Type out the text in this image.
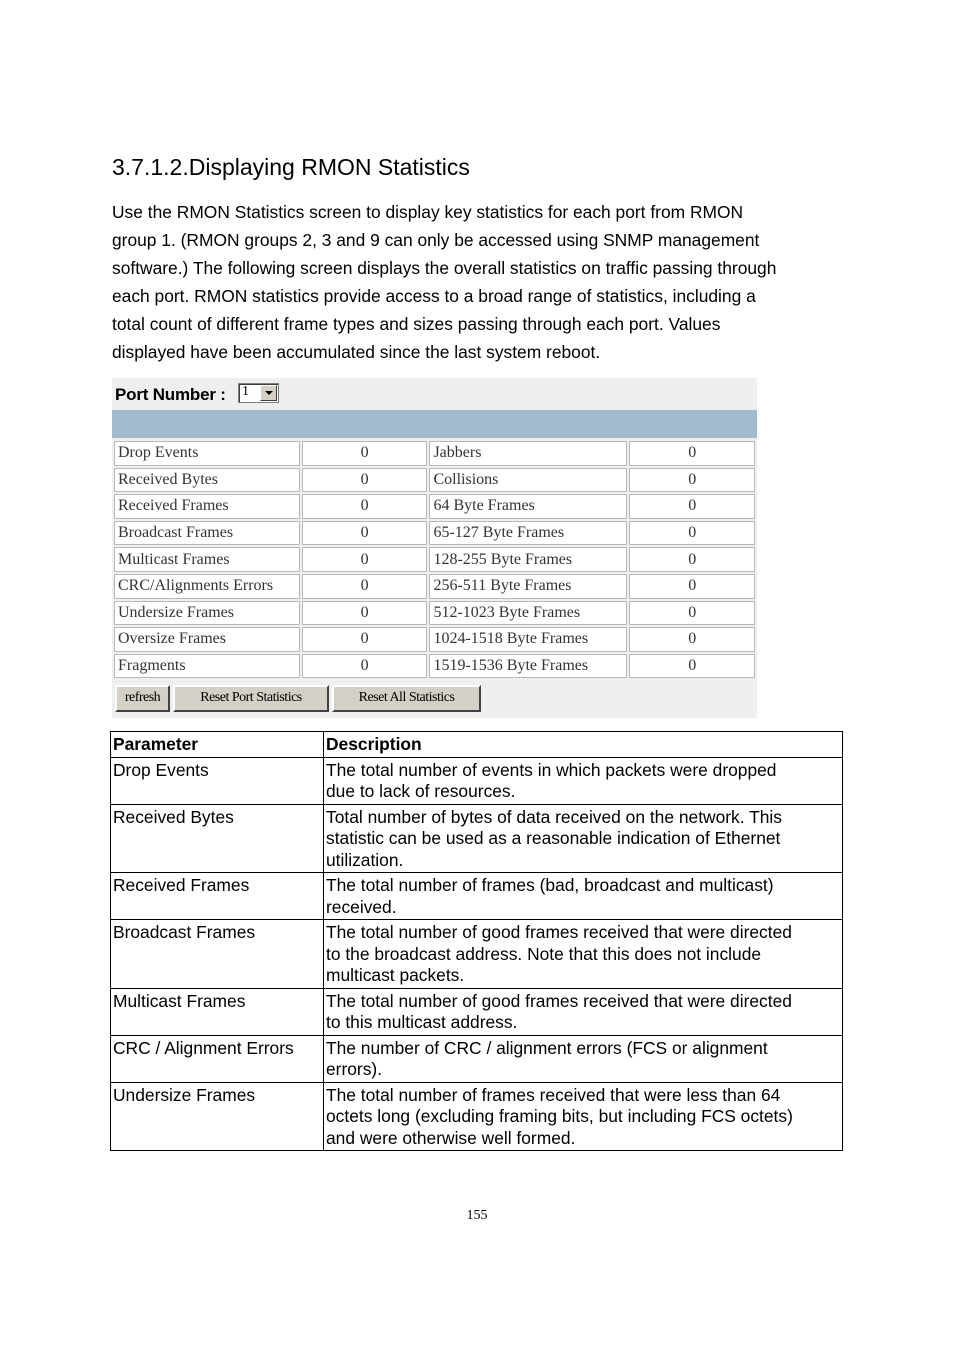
3.7.1.2.Displaying RMON Statistics
Use the RMON Statistics screen to display key statistics for each port from RMON
group 1. (RMON groups 2, 3 and 9 can only be accessed using SNMP management
software.) The following screen displays the overall statistics on traffic passing through
each port. RMON statistics provide access to a broad range of statistics, including a
total count of different frame types and sizes passing through each port. Values
displayed have been accumulated since the last system reboot.
Port Number : 1
Drop Events	0	Jabbers	0
Received Bytes	0	Collisions	0
Received Frames	0	64 Byte Frames	0
Broadcast Frames	0	65-127 Byte Frames	0
Multicast Frames	0	128-255 Byte Frames	0
CRC/Alignments Errors	0	256-511 Byte Frames	0
Undersize Frames	0	512-1023 Byte Frames	0
Oversize Frames	0	1024-1518 Byte Frames	0
Fragments	0	1519-1536 Byte Frames	0
refresh	Reset Port Statistics	Reset All Statistics
Parameter	Description
Drop Events	The total number of events in which packets were dropped
due to lack of resources.

Received Bytes	Total number of bytes of data received on the network. This
statistic can be used as a reasonable indication of Ethernet
utilization.

Received Frames	The total number of frames (bad, broadcast and multicast)
received.

Broadcast Frames	The total number of good frames received that were directed
to the broadcast address. Note that this does not include
multicast packets.

Multicast Frames	The total number of good frames received that were directed
to this multicast address.

CRC / Alignment Errors	The number of CRC / alignment errors (FCS or alignment
errors).

Undersize Frames	The total number of frames received that were less than 64
octets long (excluding framing bits, but including FCS octets)
and were otherwise well formed.
155
